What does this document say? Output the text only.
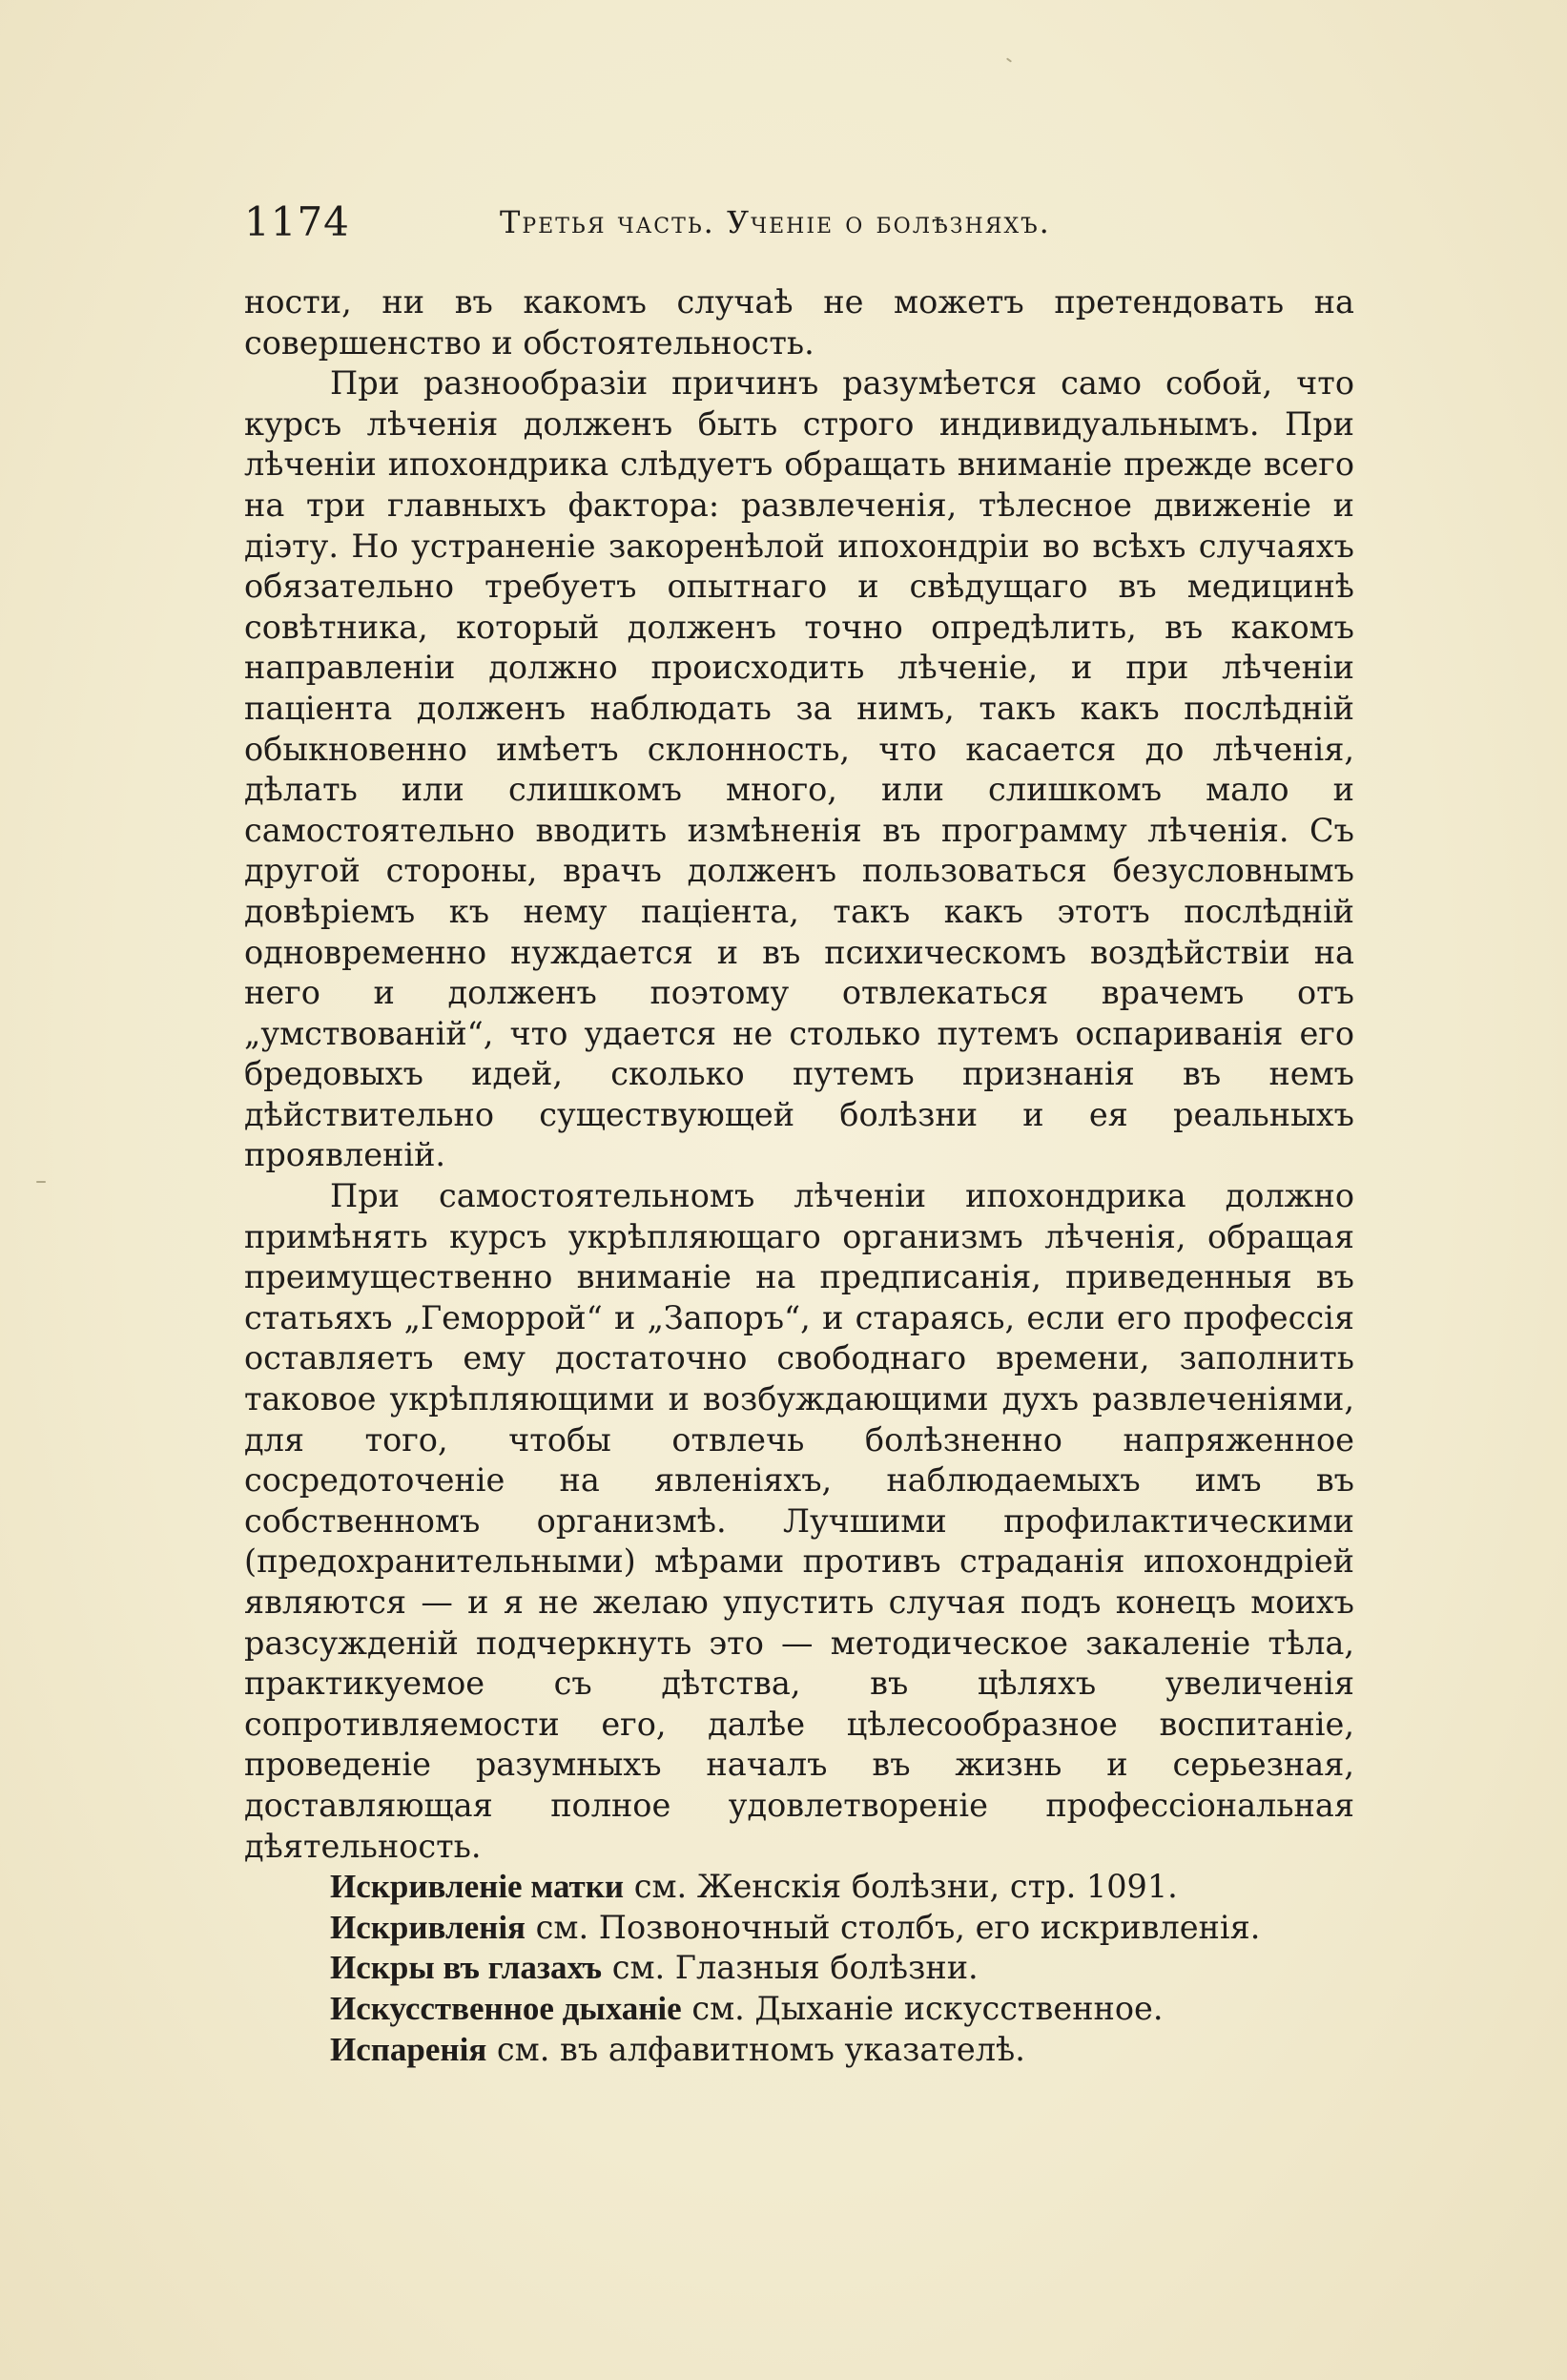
1174	Третья часть. Ученіе о болѣзняхъ.

ности, ни въ какомъ случаѣ не можетъ претендовать на совершенство и обстоятельность.

При разнообразіи причинъ разумѣется само собой, что курсъ лѣченія долженъ быть строго индивидуальнымъ. При лѣченіи ипохондрика слѣдуетъ обращать вниманіе прежде всего на три главныхъ фактора: развлеченія, тѣлесное движеніе и діэту. Но устраненіе закоренѣлой ипохондріи во всѣхъ случаяхъ обязательно требуетъ опытнаго и свѣдущаго въ медицинѣ совѣтника, который долженъ точно опредѣлить, въ какомъ направленіи должно происходить лѣченіе, и при лѣченіи паціента долженъ наблюдать за нимъ, такъ какъ послѣдній обыкновенно имѣетъ склонность, что касается до лѣченія, дѣлать или слишкомъ много, или слишкомъ мало и самостоятельно вводить измѣненія въ программу лѣченія. Съ другой стороны, врачъ долженъ пользоваться безусловнымъ довѣріемъ къ нему паціента, такъ какъ этотъ послѣдній одновременно нуждается и въ психическомъ воздѣйствіи на него и долженъ поэтому отвлекаться врачемъ отъ „умствованій“, что удается не столько путемъ оспариванія его бредовыхъ идей, сколько путемъ признанія въ немъ дѣйствительно существующей болѣзни и ея реальныхъ проявленій.

При самостоятельномъ лѣченіи ипохондрика должно примѣнять курсъ укрѣпляющаго организмъ лѣченія, обращая преимущественно вниманіе на предписанія, приведенныя въ статьяхъ „Геморрой“ и „Запоръ“, и стараясь, если его профессія оставляетъ ему достаточно свободнаго времени, заполнить таковое укрѣпляющими и возбуждающими духъ развлеченіями, для того, чтобы отвлечь болѣзненно напряженное сосредоточеніе на явленіяхъ, наблюдаемыхъ имъ въ собственномъ организмѣ. Лучшими профилактическими (предохранительными) мѣрами противъ страданія ипохондріей являются — и я не желаю упустить случая подъ конецъ моихъ разсужденій подчеркнуть это — методическое закаленіе тѣла, практикуемое съ дѣтства, въ цѣляхъ увеличенія сопротивляемости его, далѣе цѣлесообразное воспитаніе, проведеніе разумныхъ началъ въ жизнь и серьезная, доставляющая полное удовлетвореніе профессіональная дѣятельность.

Искривленіе матки см. Женскія болѣзни, стр. 1091.

Искривленія см. Позвоночный столбъ, его искривленія.

Искры въ глазахъ см. Глазныя болѣзни.

Искусственное дыханіе см. Дыханіе искусственное.

Испаренія см. въ алфавитномъ указателѣ.
